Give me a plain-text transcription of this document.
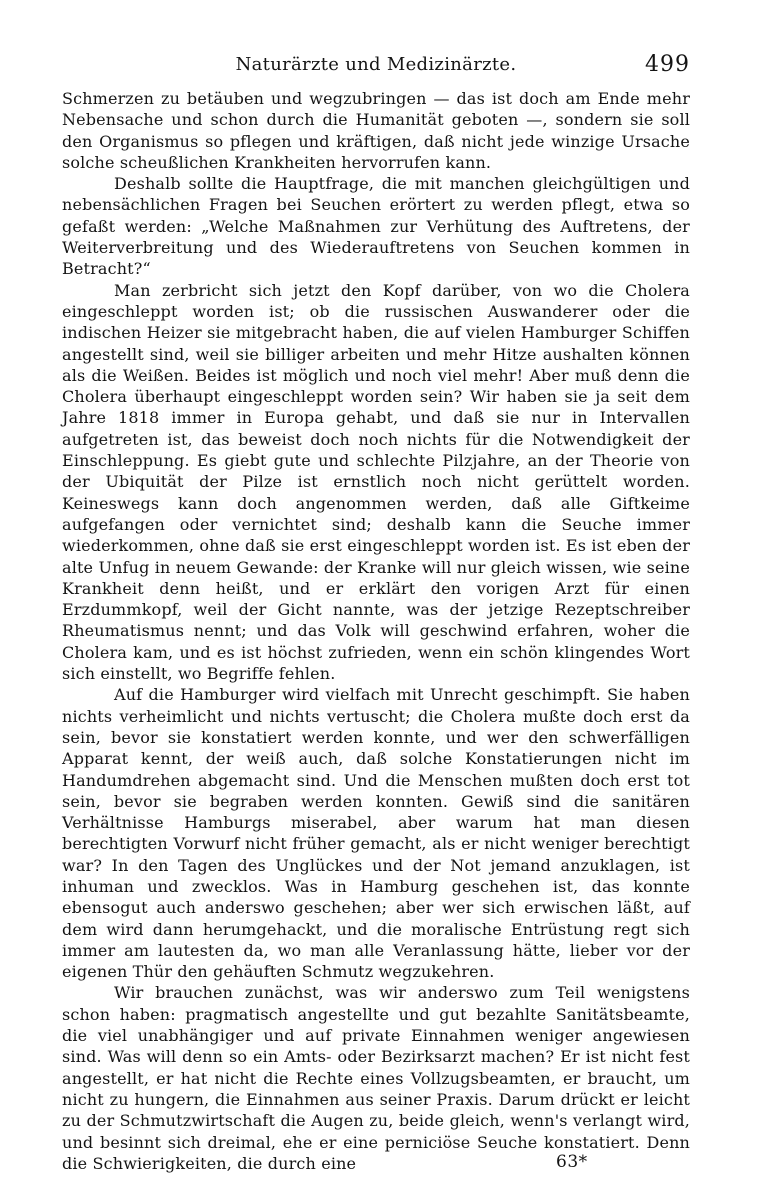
Naturärzte und Medizinärzte.	499

Schmerzen zu betäuben und wegzubringen — das ist doch am Ende mehr Nebensache und schon durch die Humanität geboten —, sondern sie soll den Organismus so pflegen und kräftigen, daß nicht jede winzige Ursache solche scheußlichen Krankheiten hervorrufen kann.

Deshalb sollte die Hauptfrage, die mit manchen gleichgültigen und nebensächlichen Fragen bei Seuchen erörtert zu werden pflegt, etwa so gefaßt werden: „Welche Maßnahmen zur Verhütung des Auftretens, der Weiterverbreitung und des Wiederauftretens von Seuchen kommen in Betracht?“

Man zerbricht sich jetzt den Kopf darüber, von wo die Cholera eingeschleppt worden ist; ob die russischen Auswanderer oder die indischen Heizer sie mitgebracht haben, die auf vielen Hamburger Schiffen angestellt sind, weil sie billiger arbeiten und mehr Hitze aushalten können als die Weißen. Beides ist möglich und noch viel mehr! Aber muß denn die Cholera überhaupt eingeschleppt worden sein? Wir haben sie ja seit dem Jahre 1818 immer in Europa gehabt, und daß sie nur in Intervallen aufgetreten ist, das beweist doch noch nichts für die Notwendigkeit der Einschleppung. Es giebt gute und schlechte Pilzjahre, an der Theorie von der Ubiquität der Pilze ist ernstlich noch nicht gerüttelt worden. Keineswegs kann doch angenommen werden, daß alle Giftkeime aufgefangen oder vernichtet sind; deshalb kann die Seuche immer wiederkommen, ohne daß sie erst eingeschleppt worden ist. Es ist eben der alte Unfug in neuem Gewande: der Kranke will nur gleich wissen, wie seine Krankheit denn heißt, und er erklärt den vorigen Arzt für einen Erzdummkopf, weil der Gicht nannte, was der jetzige Rezeptschreiber Rheumatismus nennt; und das Volk will geschwind erfahren, woher die Cholera kam, und es ist höchst zufrieden, wenn ein schön klingendes Wort sich einstellt, wo Begriffe fehlen.

Auf die Hamburger wird vielfach mit Unrecht geschimpft. Sie haben nichts verheimlicht und nichts vertuscht; die Cholera mußte doch erst da sein, bevor sie konstatiert werden konnte, und wer den schwerfälligen Apparat kennt, der weiß auch, daß solche Konstatierungen nicht im Handumdrehen abgemacht sind. Und die Menschen mußten doch erst tot sein, bevor sie begraben werden konnten. Gewiß sind die sanitären Verhältnisse Hamburgs miserabel, aber warum hat man diesen berechtigten Vorwurf nicht früher gemacht, als er nicht weniger berechtigt war? In den Tagen des Unglückes und der Not jemand anzuklagen, ist inhuman und zwecklos. Was in Hamburg geschehen ist, das konnte ebensogut auch anderswo geschehen; aber wer sich erwischen läßt, auf dem wird dann herumgehackt, und die moralische Entrüstung regt sich immer am lautesten da, wo man alle Veranlassung hätte, lieber vor der eigenen Thür den gehäuften Schmutz wegzukehren.

Wir brauchen zunächst, was wir anderswo zum Teil wenigstens schon haben: pragmatisch angestellte und gut bezahlte Sanitätsbeamte, die viel unabhängiger und auf private Einnahmen weniger angewiesen sind. Was will denn so ein Amts- oder Bezirksarzt machen? Er ist nicht fest angestellt, er hat nicht die Rechte eines Vollzugsbeamten, er braucht, um nicht zu hungern, die Einnahmen aus seiner Praxis. Darum drückt er leicht zu der Schmutzwirtschaft die Augen zu, beide gleich, wenn's verlangt wird, und besinnt sich dreimal, ehe er eine perniciöse Seuche konstatiert. Denn die Schwierigkeiten, die durch eine	63*
